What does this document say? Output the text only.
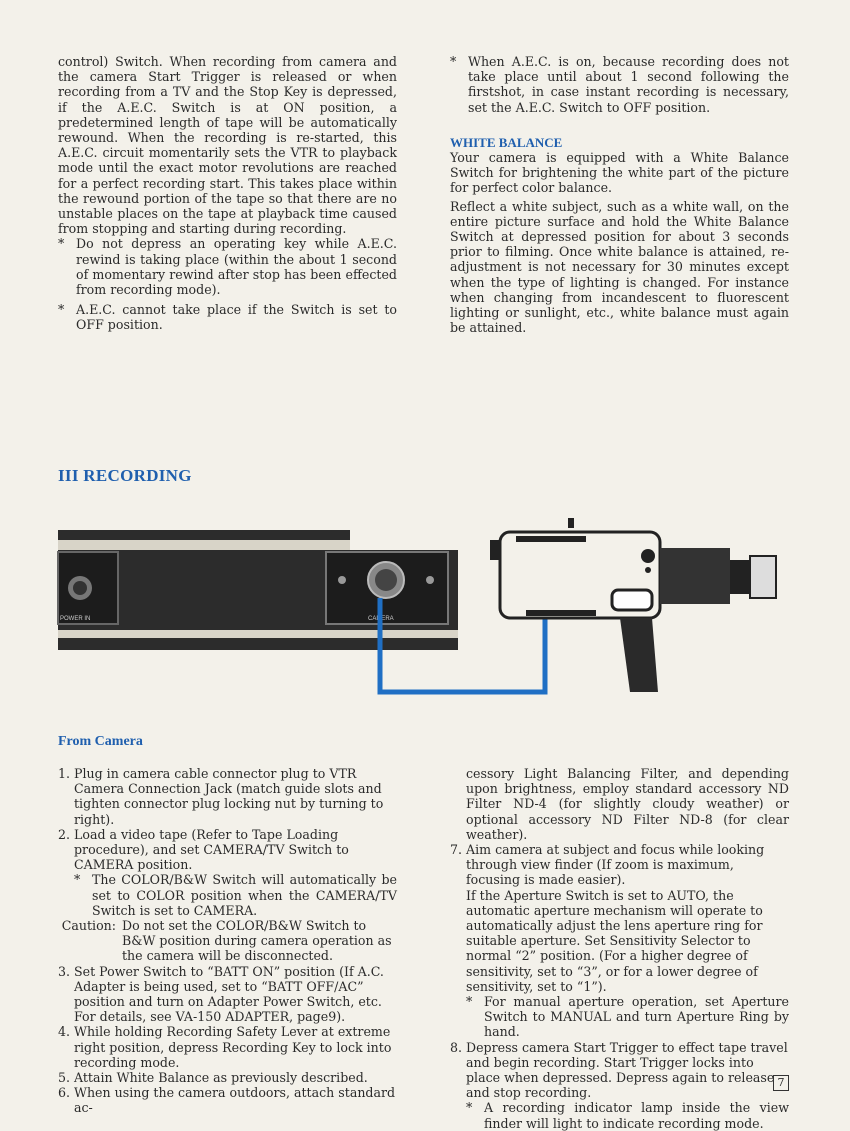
control) Switch. When recording from camera and the camera Start Trigger is released or when recording from a TV and the Stop Key is depressed, if the A.E.C. Switch is at ON position, a predetermined length of tape will be automatically rewound. When the recording is re-started, this A.E.C. circuit momentarily sets the VTR to playback mode until the exact motor revolutions are reached for a perfect recording start. This takes place within the rewound portion of the tape so that there are no unstable places on the tape at playback time caused from stopping and starting during recording.

* Do not depress an operating key while A.E.C. rewind is taking place (within the about 1 second of momentary rewind after stop has been effected from recording mode).
* A.E.C. cannot take place if the Switch is set to OFF position.
* When A.E.C. is on, because recording does not take place until about 1 second following the firstshot, in case instant recording is necessary, set the A.E.C. Switch to OFF position.
WHITE BALANCE

Your camera is equipped with a White Balance Switch for brightening the white part of the picture for perfect color balance.

Reflect a white subject, such as a white wall, on the entire picture surface and hold the White Balance Switch at depressed position for about 3 seconds prior to filming. Once white balance is attained, re-adjustment is not necessary for 30 minutes except when the type of lighting is changed. For instance when changing from incandescent to fluorescent lighting or sunlight, etc., white balance must again be attained.

III RECORDING
POWER IN	CAMERA
From Camera
1. Plug in camera cable connector plug to VTR Camera Connection Jack (match guide slots and tighten connector plug locking nut by turning to right).
2. Load a video tape (Refer to Tape Loading procedure), and set CAMERA/TV Switch to CAMERA position.
* The COLOR/B&W Switch will automatically be set to COLOR position when the CAMERA/TV Switch is set to CAMERA.
Caution: Do not set the COLOR/B&W Switch to B&W position during camera operation as the camera will be disconnected.
3. Set Power Switch to “BATT ON” position (If A.C. Adapter is being used, set to “BATT OFF/AC” position and turn on Adapter Power Switch, etc. For details, see VA-150 ADAPTER, page9).
4. While holding Recording Safety Lever at extreme right position, depress Recording Key to lock into recording mode.
5. Attain White Balance as previously described.
6. When using the camera outdoors, attach standard ac-

cessory Light Balancing Filter, and depending upon brightness, employ standard accessory ND Filter ND-4 (for slightly cloudy weather) or optional accessory ND Filter ND-8 (for clear weather).

7. Aim camera at subject and focus while looking through view finder (If zoom is maximum, focusing is made easier).
If the Aperture Switch is set to AUTO, the automatic aperture mechanism will operate to automatically adjust the lens aperture ring for suitable aperture. Set Sensitivity Selector to normal “2” position. (For a higher degree of sensitivity, set to “3”, or for a lower degree of sensitivity, set to “1”).
* For manual aperture operation, set Aperture Switch to MANUAL and turn Aperture Ring by hand.
8. Depress camera Start Trigger to effect tape travel and begin recording. Start Trigger locks into place when depressed. Depress again to release and stop recording.
* A recording indicator lamp inside the view finder will light to indicate recording mode.
7
